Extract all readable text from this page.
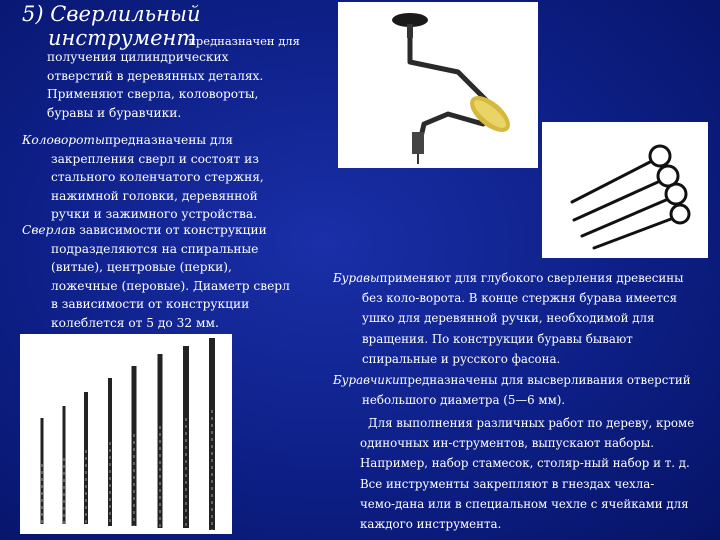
5) Сверлильный
инструментпредназначен для
получения цилиндрических
отверстий в деревянных деталях.
Применяют сверла, коловороты,
буравы и буравчики.
Коловоротыпредназначены для
закрепления сверл и состоят из
стального коленчатого стержня,
нажимной головки, деревянной
ручки и зажимного устройства.
Сверлав зависимости от конструкции
подразделяются на спиральные
(витые), центровые (перки),
ложечные (перовые). Диаметр сверл
в зависимости от конструкции
колеблется от 5 до 32 мм.
Буравыприменяют для глубокого сверления древесины
без коло-ворота. В конце стержня бурава имеется
ушко для деревянной ручки, необходимой для
вращения. По конструкции буравы бывают
спиральные и русского фасона.
Буравчикипредназначены для высверливания отверстий
небольшого диаметра (5—6 мм).
Для выполнения различных работ по дереву, кроме
одиночных ин-струментов, выпускают наборы.
Например, набор стамесок, столяр-ный набор и т. д.
Все инструменты закрепляют в гнездах чехла-
чемо-дана или в специальном чехле с ячейками для
каждого инструмента.
